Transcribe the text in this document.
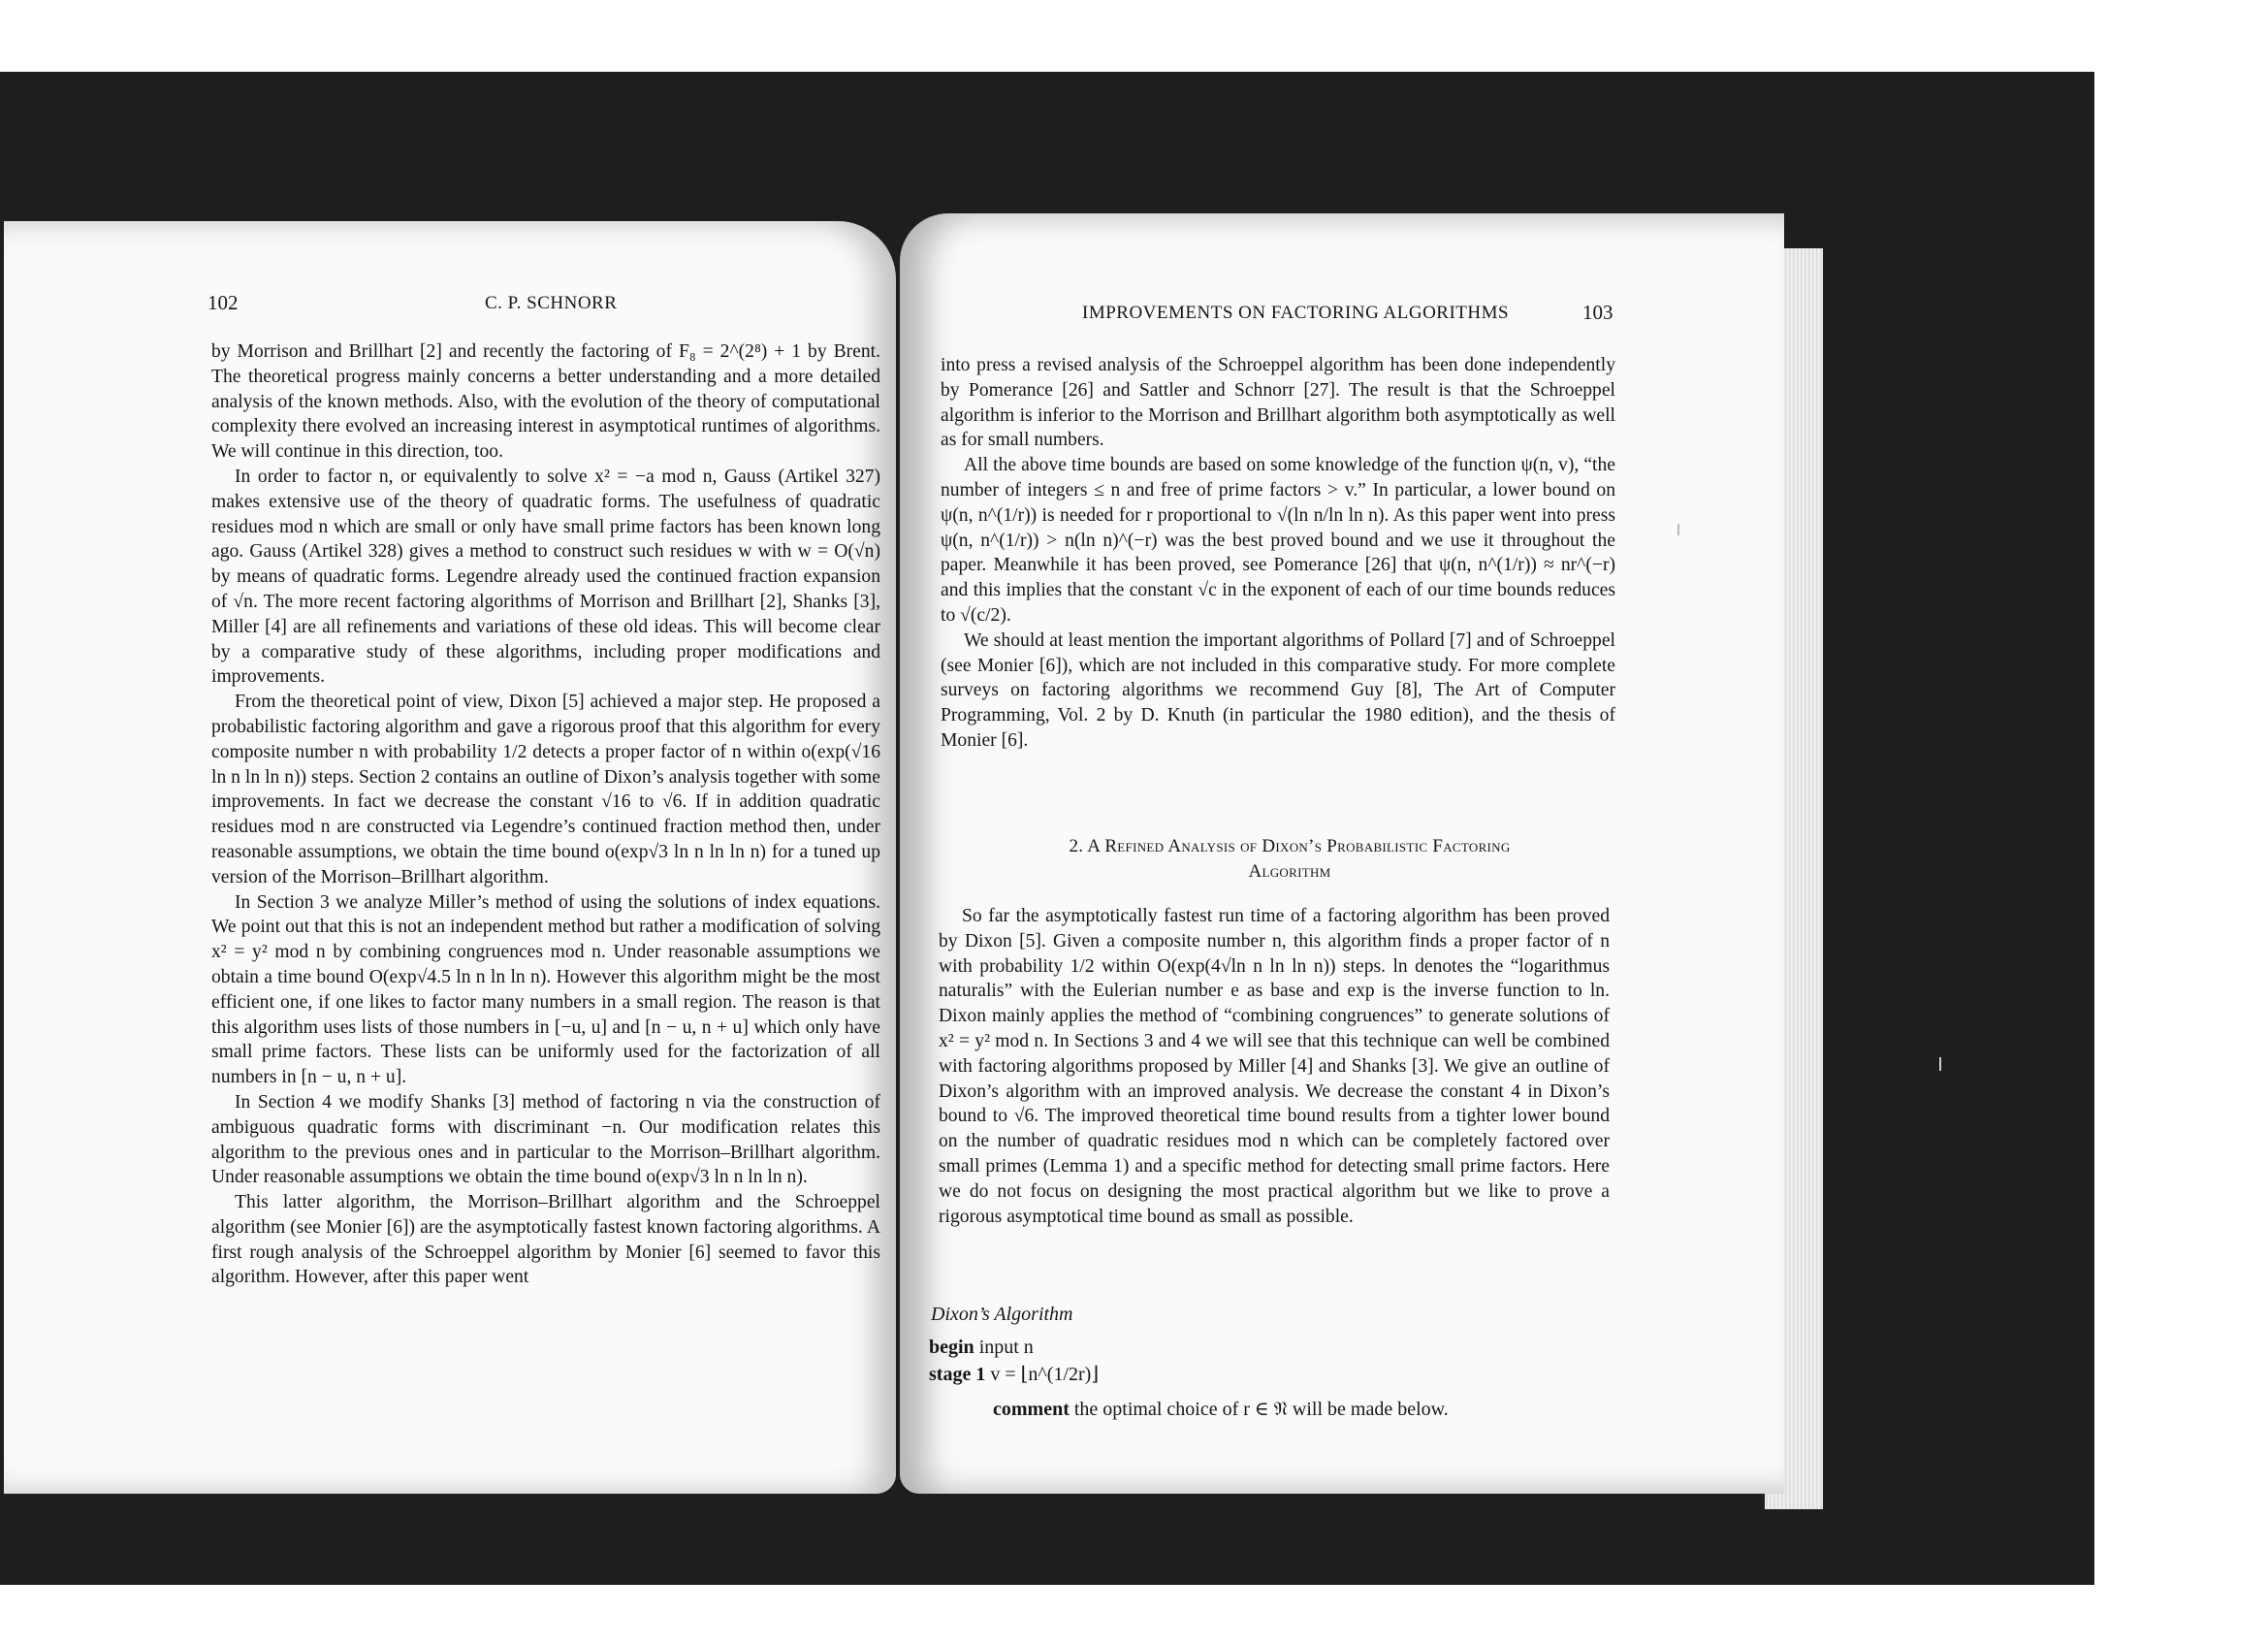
102	C. P. SCHNORR

by Morrison and Brillhart [2] and recently the factoring of F₈ = 2^(2⁸) + 1 by Brent. The theoretical progress mainly concerns a better understanding and a more detailed analysis of the known methods. Also, with the evolution of the theory of computational complexity there evolved an increasing interest in asymptotical runtimes of algorithms. We will continue in this direction, too.

In order to factor n, or equivalently to solve x² = −a mod n, Gauss (Artikel 327) makes extensive use of the theory of quadratic forms. The usefulness of quadratic residues mod n which are small or only have small prime factors has been known long ago. Gauss (Artikel 328) gives a method to construct such residues w with w = O(√n) by means of quadratic forms. Legendre already used the continued fraction expansion of √n. The more recent factoring algorithms of Morrison and Brillhart [2], Shanks [3], Miller [4] are all refinements and variations of these old ideas. This will become clear by a comparative study of these algorithms, including proper modifications and improvements.

From the theoretical point of view, Dixon [5] achieved a major step. He proposed a probabilistic factoring algorithm and gave a rigorous proof that this algorithm for every composite number n with probability 1/2 detects a proper factor of n within o(exp(√16 ln n ln ln n)) steps. Section 2 contains an outline of Dixon’s analysis together with some improvements. In fact we decrease the constant √16 to √6. If in addition quadratic residues mod n are constructed via Legendre’s continued fraction method then, under reasonable assumptions, we obtain the time bound o(exp√3 ln n ln ln n) for a tuned up version of the Morrison–Brillhart algorithm.

In Section 3 we analyze Miller’s method of using the solutions of index equations. We point out that this is not an independent method but rather a modification of solving x² = y² mod n by combining congruences mod n. Under reasonable assumptions we obtain a time bound O(exp√4.5 ln n ln ln n). However this algorithm might be the most efficient one, if one likes to factor many numbers in a small region. The reason is that this algorithm uses lists of those numbers in [−u, u] and [n − u, n + u] which only have small prime factors. These lists can be uniformly used for the factorization of all numbers in [n − u, n + u].

In Section 4 we modify Shanks [3] method of factoring n via the construction of ambiguous quadratic forms with discriminant −n. Our modification relates this algorithm to the previous ones and in particular to the Morrison–Brillhart algorithm. Under reasonable assumptions we obtain the time bound o(exp√3 ln n ln ln n).

This latter algorithm, the Morrison–Brillhart algorithm and the Schroeppel algorithm (see Monier [6]) are the asymptotically fastest known factoring algorithms. A first rough analysis of the Schroeppel algorithm by Monier [6] seemed to favor this algorithm. However, after this paper went

IMPROVEMENTS ON FACTORING ALGORITHMS	103

into press a revised analysis of the Schroeppel algorithm has been done independently by Pomerance [26] and Sattler and Schnorr [27]. The result is that the Schroeppel algorithm is inferior to the Morrison and Brillhart algorithm both asymptotically as well as for small numbers.

All the above time bounds are based on some knowledge of the function ψ(n, v), “the number of integers ≤ n and free of prime factors > v.” In particular, a lower bound on ψ(n, n^(1/r)) is needed for r proportional to √(ln n/ln ln n). As this paper went into press ψ(n, n^(1/r)) > n(ln n)^(−r) was the best proved bound and we use it throughout the paper. Meanwhile it has been proved, see Pomerance [26] that ψ(n, n^(1/r)) ≈ nr^(−r) and this implies that the constant √c in the exponent of each of our time bounds reduces to √(c/2).

We should at least mention the important algorithms of Pollard [7] and of Schroeppel (see Monier [6]), which are not included in this comparative study. For more complete surveys on factoring algorithms we recommend Guy [8], The Art of Computer Programming, Vol. 2 by D. Knuth (in particular the 1980 edition), and the thesis of Monier [6].

So far the asymptotically fastest run time of a factoring algorithm has been proved by Dixon [5]. Given a composite number n, this algorithm finds a proper factor of n with probability 1/2 within O(exp(4√ln n ln ln n)) steps. ln denotes the “logarithmus naturalis” with the Eulerian number e as base and exp is the inverse function to ln. Dixon mainly applies the method of “combining congruences” to generate solutions of x² = y² mod n. In Sections 3 and 4 we will see that this technique can well be combined with factoring algorithms proposed by Miller [4] and Shanks [3]. We give an outline of Dixon’s algorithm with an improved analysis. We decrease the constant 4 in Dixon’s bound to √6. The improved theoretical time bound results from a tighter lower bound on the number of quadratic residues mod n which can be completely factored over small primes (Lemma 1) and a specific method for detecting small prime factors. Here we do not focus on designing the most practical algorithm but we like to prove a rigorous asymptotical time bound as small as possible.

2. A Refined Analysis of Dixon’s Probabilistic Factoring
Algorithm
Dixon’s Algorithm
begin input n
stage 1 v = ⌊n^(1/2r)⌋
comment the optimal choice of r ∈ 𝔑 will be made below.
